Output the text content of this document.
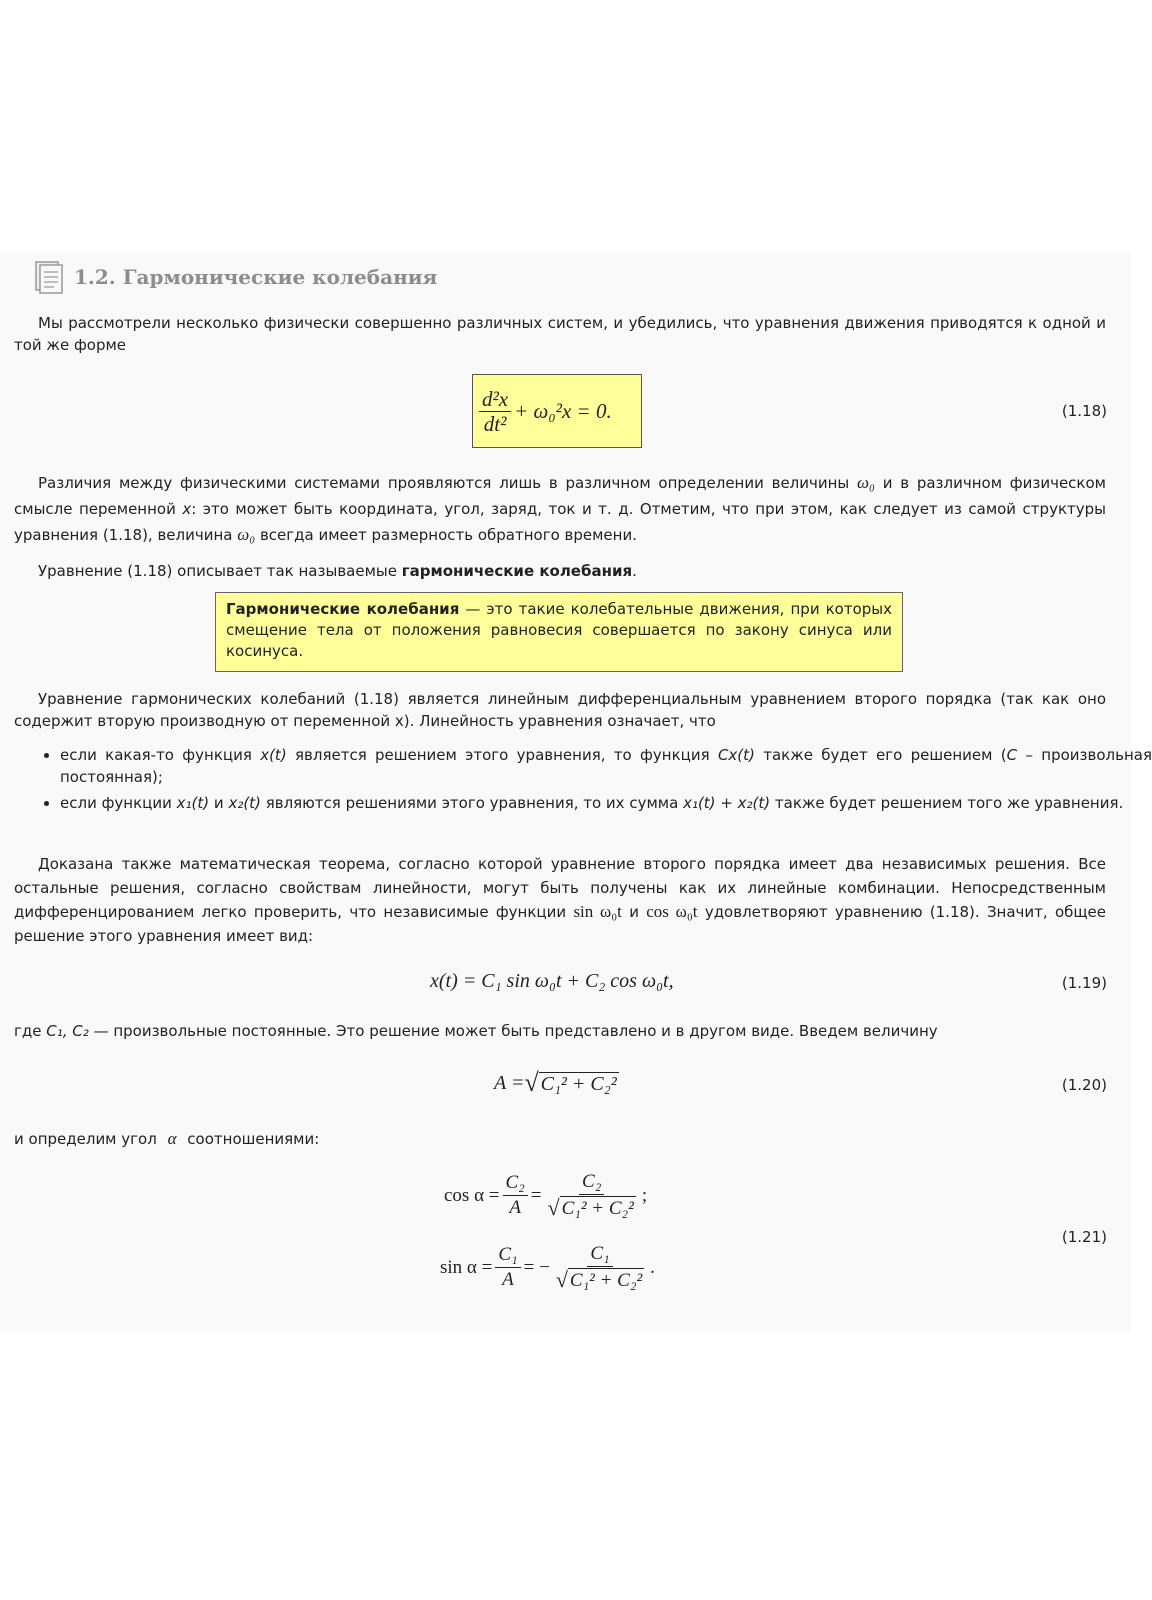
1.2. Гармонические колебания

Мы рассмотрели несколько физически совершенно различных систем, и убедились, что уравнения движения приводятся к одной и той же форме

$\frac{\text{d²x}}{\text{dt²}} + \omega_0^2x = 0$.	(1.18)

Различия между физическими системами проявляются лишь в различном определении величины ω₀ и в различном физическом смысле переменной x: это может быть координата, угол, заряд, ток и т. д. Отметим, что при этом, как следует из самой структуры уравнения (1.18), величина ω₀ всегда имеет размерность обратного времени.

Уравнение (1.18) описывает так называемые гармонические колебания.

Гармонические колебания — это такие колебательные движения, при которых смещение тела от положения равновесия совершается по закону синуса или косинуса.

Уравнение гармонических колебаний (1.18) является линейным дифференциальным уравнением второго порядка (так как оно содержит вторую производную от переменной x). Линейность уравнения означает, что

• если какая-то функция x(t) является решением этого уравнения, то функция Cx(t) также будет его решением (C – произвольная постоянная);
• если функции x₁(t) и x₂(t) являются решениями этого уравнения, то их сумма x₁(t) + x₂(t) также будет решением того же уравнения.

Доказана также математическая теорема, согласно которой уравнение второго порядка имеет два независимых решения. Все остальные решения, согласно свойствам линейности, могут быть получены как их линейные комбинации. Непосредственным дифференцированием легко проверить, что независимые функции sin ω₀t и cos ω₀t удовлетворяют уравнению (1.18). Значит, общее решение этого уравнения имеет вид:

x(t) = C₁ sin ω₀t + C₂ cos ω₀t,	(1.19)

где C₁, C₂ — произвольные постоянные. Это решение может быть представлено и в другом виде. Введем величину

A = √ C₁² + C₂²	(1.20)

и определим угол α соотношениями:

$\cos \alpha = \frac{\text{C₂}}{A} = \frac{\text{C₂}}{\text{√ C₁² + C₂²}}$ ;
$\sin \alpha = \frac{\text{C₁}}{A}$ = − $\frac{\text{C₁}}{\text{√ C₁² + C₂²}}$ .
(1.21)
